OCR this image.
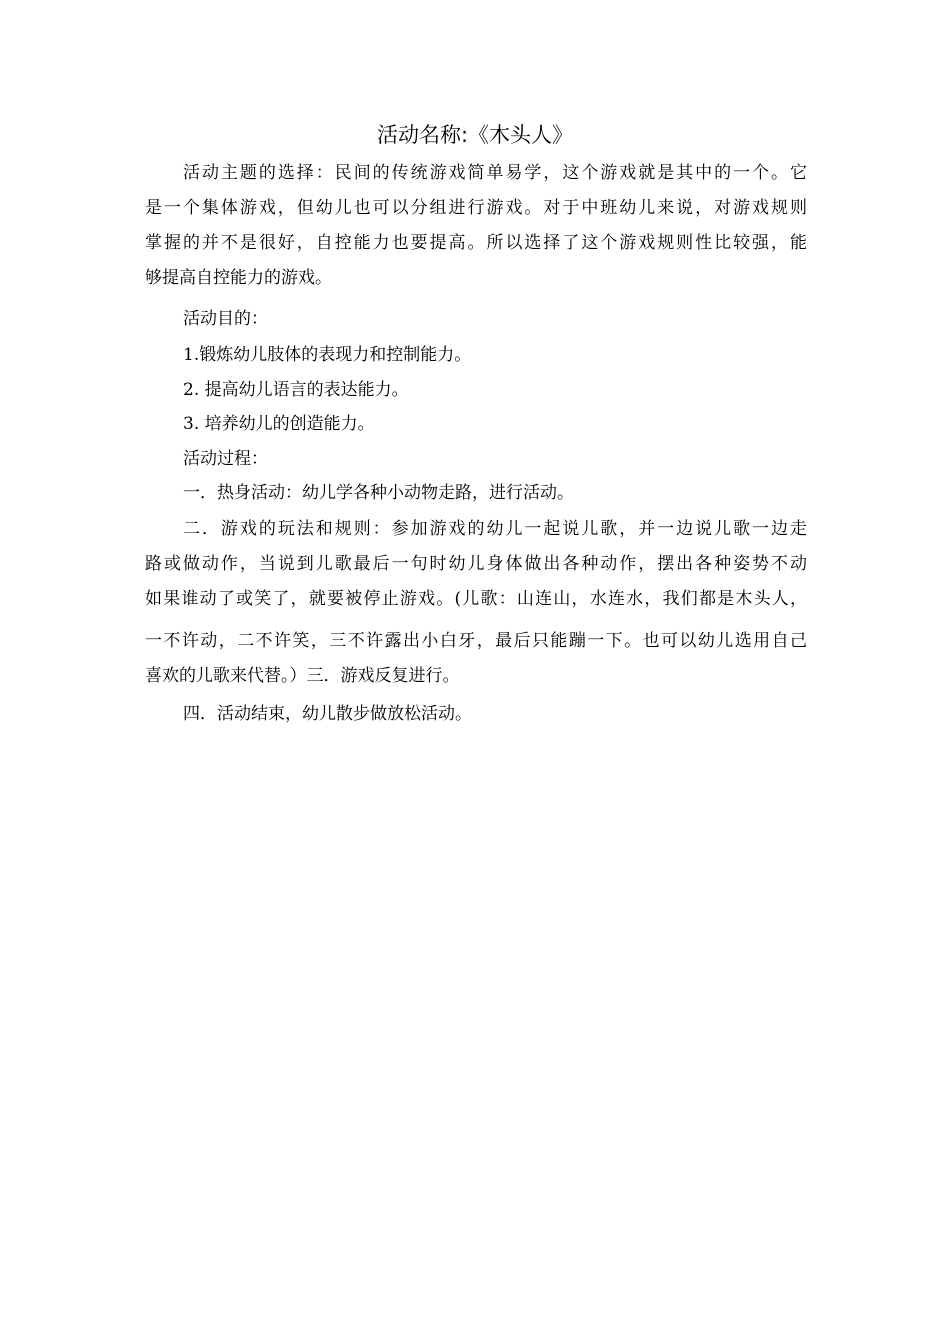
活动名称:《木头人》
活动主题的选择：民间的传统游戏简单易学，这个游戏就是其中的一个。它
是一个集体游戏，但幼儿也可以分组进行游戏。对于中班幼儿来说，对游戏规则
掌握的并不是很好，自控能力也要提高。所以选择了这个游戏规则性比较强，能
够提高自控能力的游戏。
活动目的：
1.锻炼幼儿肢体的表现力和控制能力。
2. 提高幼儿语言的表达能力。
3. 培养幼儿的创造能力。
活动过程：
一．热身活动：幼儿学各种小动物走路，进行活动。
二．游戏的玩法和规则：参加游戏的幼儿一起说儿歌，并一边说儿歌一边走
路或做动作，当说到儿歌最后一句时幼儿身体做出各种动作，摆出各种姿势不动
如果谁动了或笑了，就要被停止游戏。(儿歌：山连山，水连水，我们都是木头人，
一不许动，二不许笑，三不许露出小白牙，最后只能蹦一下。也可以幼儿选用自己
喜欢的儿歌来代替。）三．游戏反复进行。
四．活动结束，幼儿散步做放松活动。
